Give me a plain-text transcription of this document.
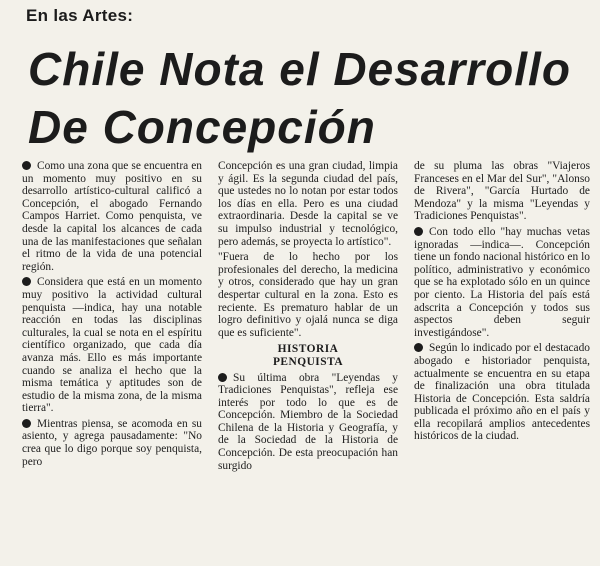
En las Artes:
Chile Nota el Desarrollo
De Concepción

Como una zona que se encuentra en un momento muy positivo en su desarrollo artístico-cultural calificó a Concepción, el abogado Fernando Campos Harriet. Como penquista, ve desde la capital los alcances de cada una de las manifestaciones que señalan el ritmo de la vida de una potencial región.

Considera que está en un momento muy positivo la actividad cultural penquista —indica, hay una notable reacción en todas las disciplinas culturales, la cual se nota en el espíritu científico organizado, que cada día avanza más. Ello es más importante cuando se analiza el hecho que la misma temática y aptitudes son de estudio de la misma zona, de la misma tierra".

Mientras piensa, se acomoda en su asiento, y agrega pausadamente: "No crea que lo digo porque soy penquista, pero

Concepción es una gran ciudad, limpia y ágil. Es la segunda ciudad del país, que ustedes no lo notan por estar todos los días en ella. Pero es una ciudad extraordinaria. Desde la capital se ve su impulso industrial y tecnológico, pero además, se proyecta lo artístico".

"Fuera de lo hecho por los profesionales del derecho, la medicina y otros, considerado que hay un gran despertar cultural en la zona. Esto es reciente. Es prematuro hablar de un logro definitivo y ojalá nunca se diga que es suficiente".

HISTORIA
PENQUISTA

Su última obra "Leyendas y Tradiciones Penquistas", refleja ese interés por todo lo que es de Concepción. Miembro de la Sociedad Chilena de la Historia y Geografía, y de la Sociedad de la Historia de Concepción. De esta preocupación han surgido

de su pluma las obras "Viajeros Franceses en el Mar del Sur", "Alonso de Rivera", "García Hurtado de Mendoza" y la misma "Leyendas y Tradiciones Penquistas".

Con todo ello "hay muchas vetas ignoradas —indica—. Concepción tiene un fondo nacional histórico en lo político, administrativo y económico que se ha explotado sólo en un quince por ciento. La Historia del país está adscrita a Concepción y todos sus aspectos deben seguir investigándose".

Según lo indicado por el destacado abogado e historiador penquista, actualmente se encuentra en su etapa de finalización una obra titulada Historia de Concepción. Esta saldría publicada el próximo año en el país y ella recopilará amplios antecedentes históricos de la ciudad.
